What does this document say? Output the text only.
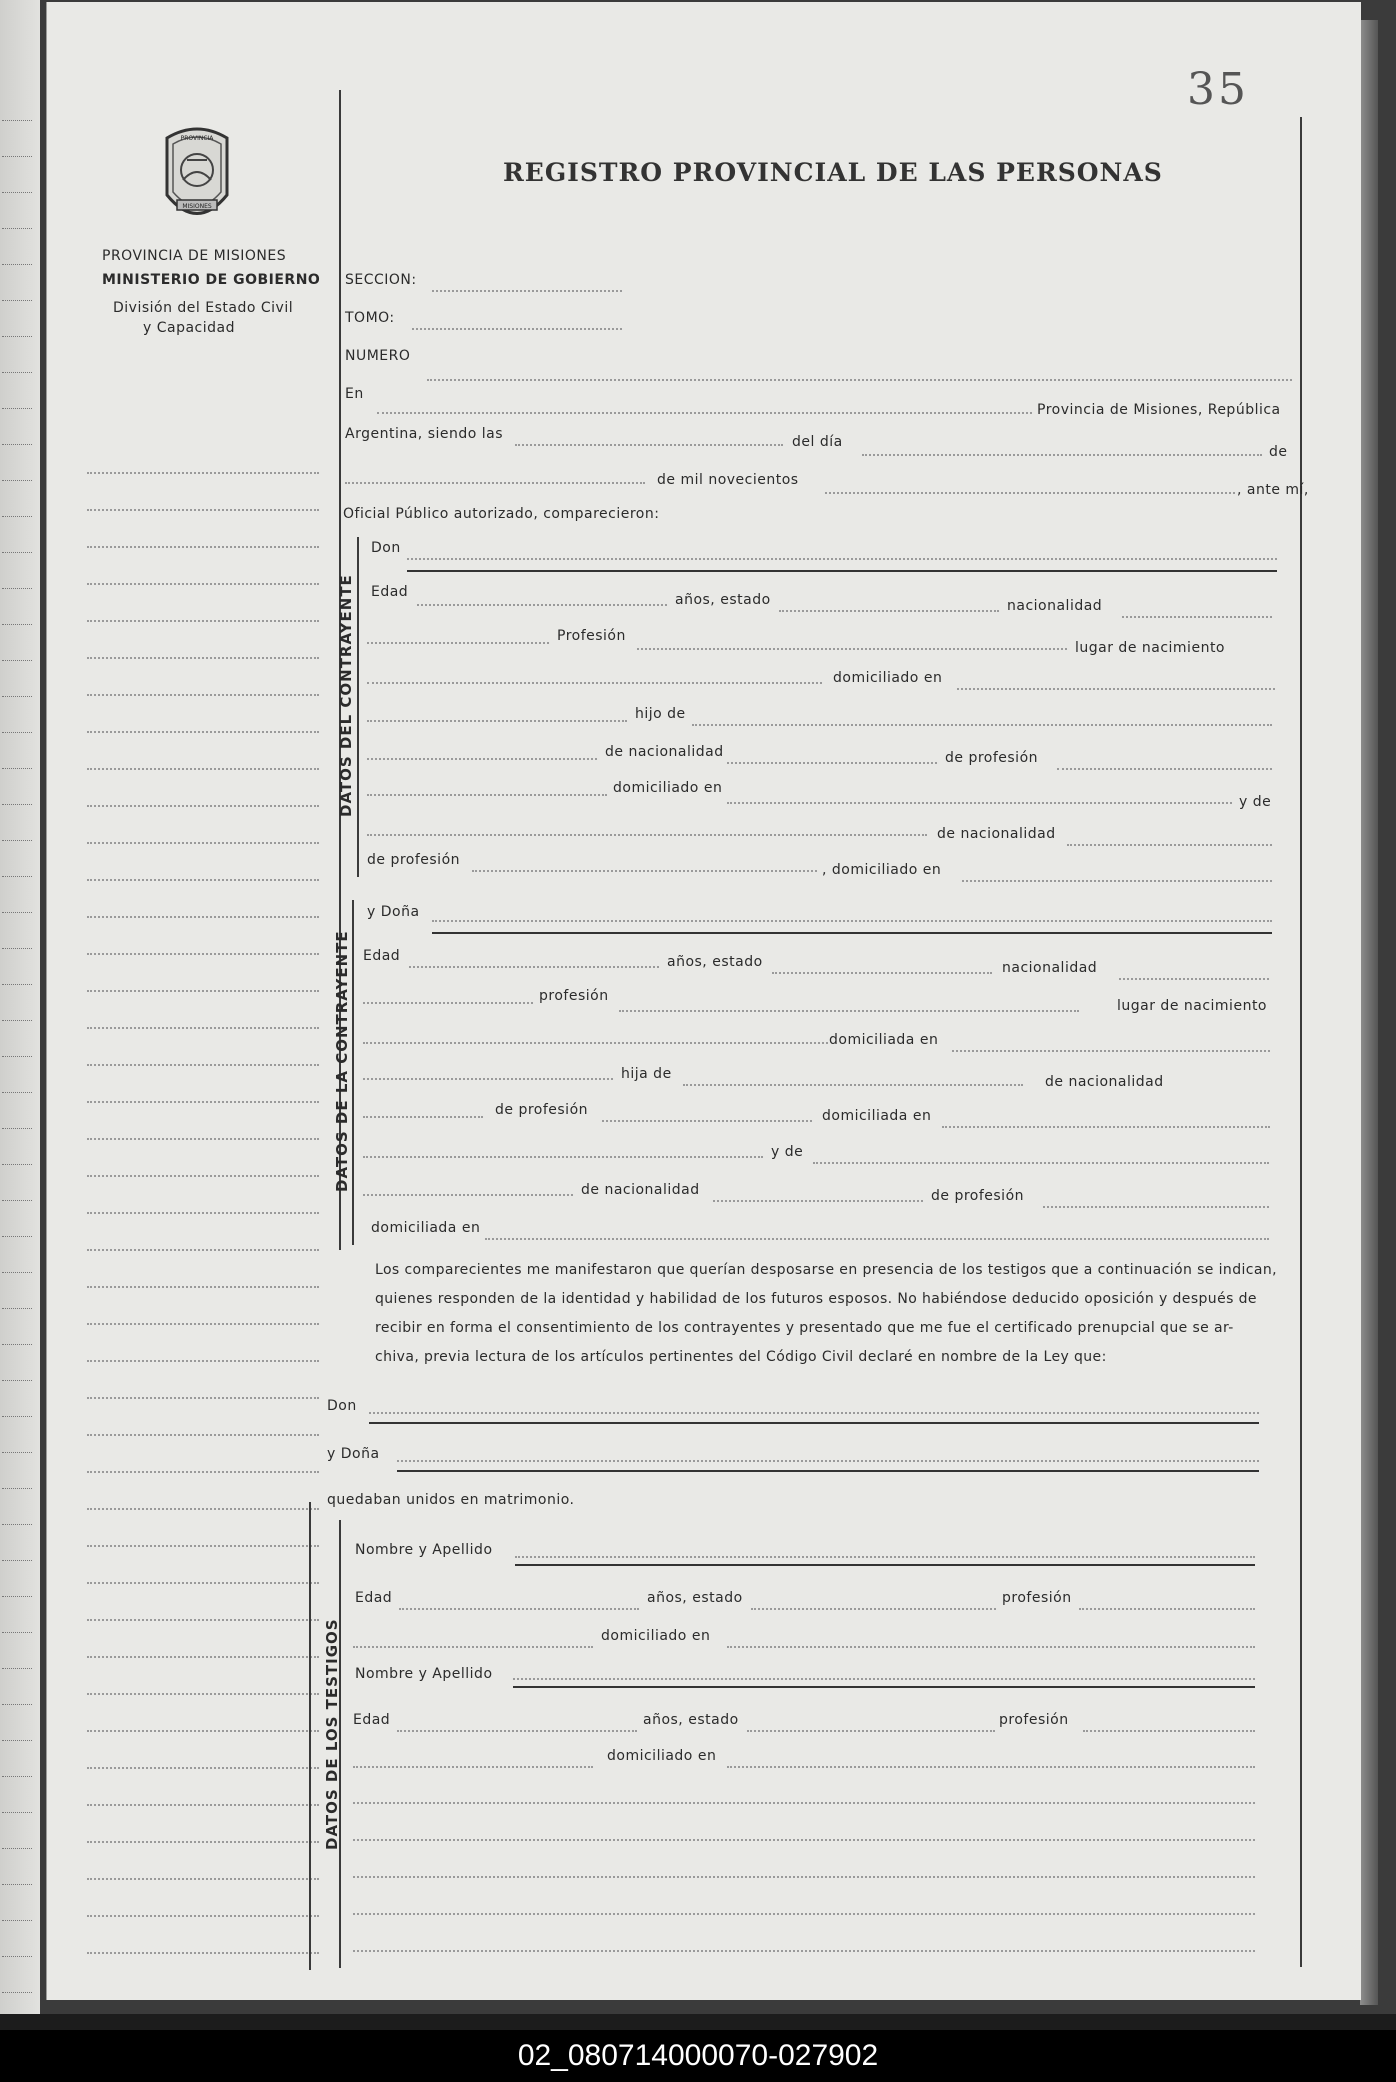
35
PROVINCIA
MISIONES
PROVINCIA DE MISIONES
MINISTERIO DE GOBIERNO
División del Estado Civil
y Capacidad
REGISTRO PROVINCIAL DE LAS PERSONAS
SECCION:
TOMO:
NUMERO
En
Provincia de Misiones, República
Argentina, siendo las	del día
de
de mil novecientos
, ante mí,
Oficial Público autorizado, comparecieron:
DATOS DEL CONTRAYENTE
Don
Edad	años, estado	nacionalidad
Profesión
lugar de nacimiento
domiciliado en
hijo de
de nacionalidad	de profesión
domiciliado en
y de
de nacionalidad
de profesión
, domiciliado en
DATOS DE LA CONTRAYENTE
y Doña
Edad	años, estado	nacionalidad
profesión
lugar de nacimiento
domiciliada en
hija de	de nacionalidad
de profesión	domiciliada en
y de
de nacionalidad	de profesión
domiciliada en
Los comparecientes me manifestaron que querían desposarse en presencia de los testigos que a continuación se indican,
quienes responden de la identidad y habilidad de los futuros esposos. No habiéndose deducido oposición y después de
recibir en forma el consentimiento de los contrayentes y presentado que me fue el certificado prenupcial que se ar-
chiva, previa lectura de los artículos pertinentes del Código Civil declaré en nombre de la Ley que:
Don
y Doña
quedaban unidos en matrimonio.
DATOS DE LOS TESTIGOS
Nombre y Apellido
Edad	años, estado	profesión
domiciliado en
Nombre y Apellido
Edad	años, estado	profesión
domiciliado en
02_080714000070-027902
